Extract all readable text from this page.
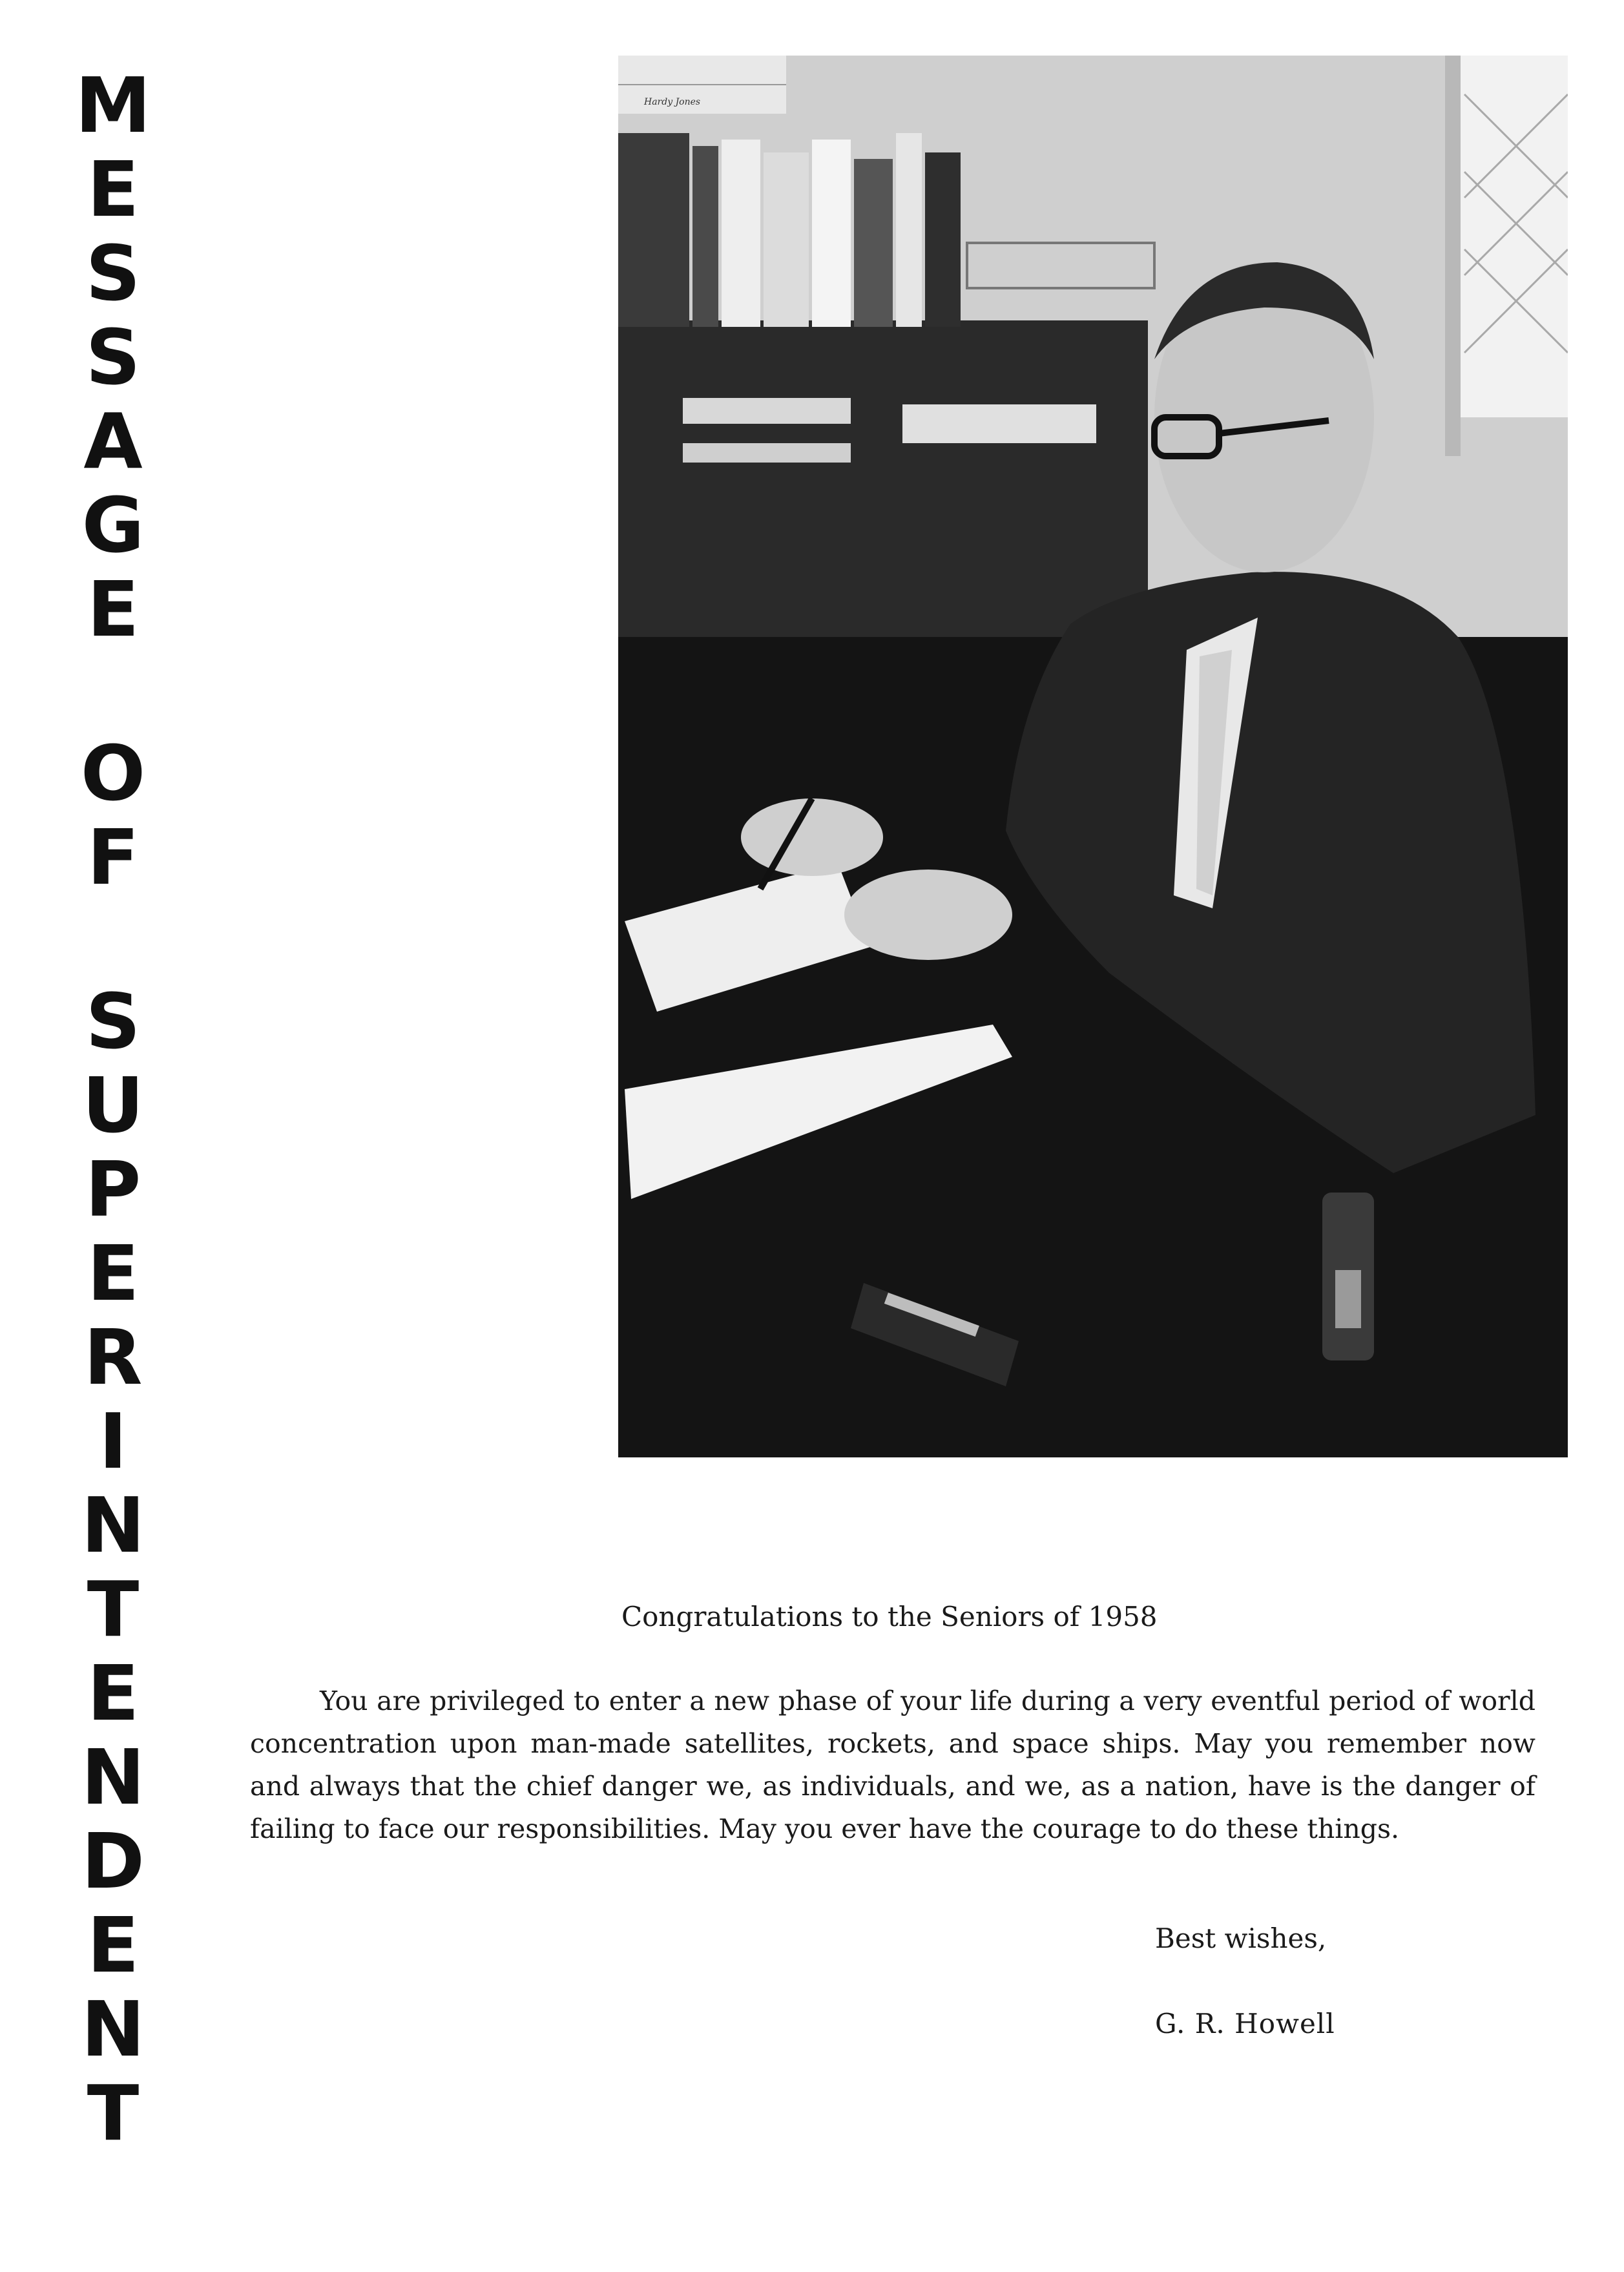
M
E
S
S
A
G
E
O
F
S
U
P
E
R
I
N
T
E
N
D
E
N
T
Hardy Jones
Congratulations to the Seniors of 1958

You are privileged to enter a new phase of your life during a very eventful period of world concentration upon man-made satellites, rockets, and space ships. May you remember now and always that the chief danger we, as individuals, and we, as a nation, have is the danger of failing to face our responsibilities. May you ever have the courage to do these things.

Best wishes,
G. R. Howell
